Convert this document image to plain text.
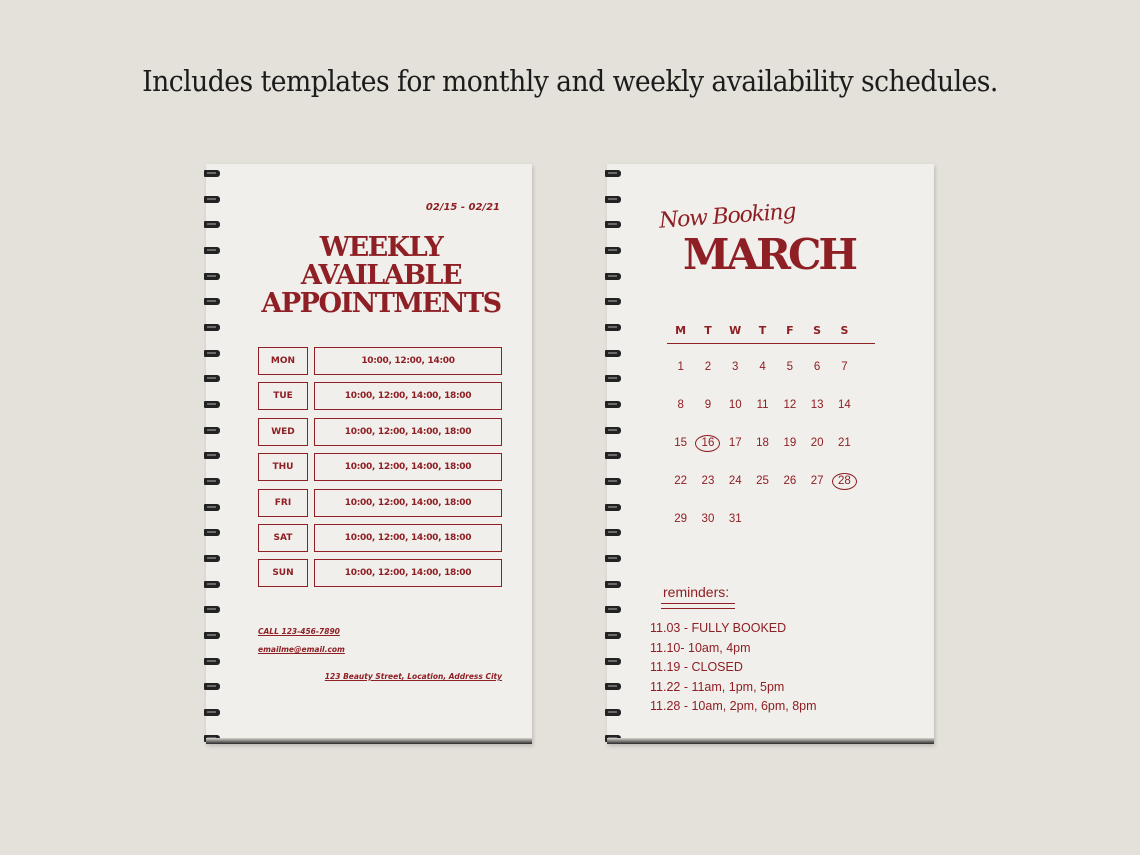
Includes templates for monthly and weekly availability schedules.
02/15 - 02/21
WEEKLY
AVAILABLE
APPOINTMENTS
MON	10:00, 12:00, 14:00
TUE	10:00, 12:00, 14:00, 18:00
WED	10:00, 12:00, 14:00, 18:00
THU	10:00, 12:00, 14:00, 18:00
FRI	10:00, 12:00, 14:00, 18:00
SAT	10:00, 12:00, 14:00, 18:00
SUN	10:00, 12:00, 14:00, 18:00
CALL 123-456-7890
emailme@email.com
123 Beauty Street, Location, Address City
Now Booking
MARCH
M	T	W	T	F	S	S
1	2	3	4	5	6	7
8	9	10	11	12	13	14
15	16	17	18	19	20	21
22	23	24	25	26	27	28
29	30	31
reminders:
11.03 - FULLY BOOKED
11.10- 10am, 4pm
11.19 - CLOSED
11.22 - 11am, 1pm, 5pm
11.28 - 10am, 2pm, 6pm, 8pm
